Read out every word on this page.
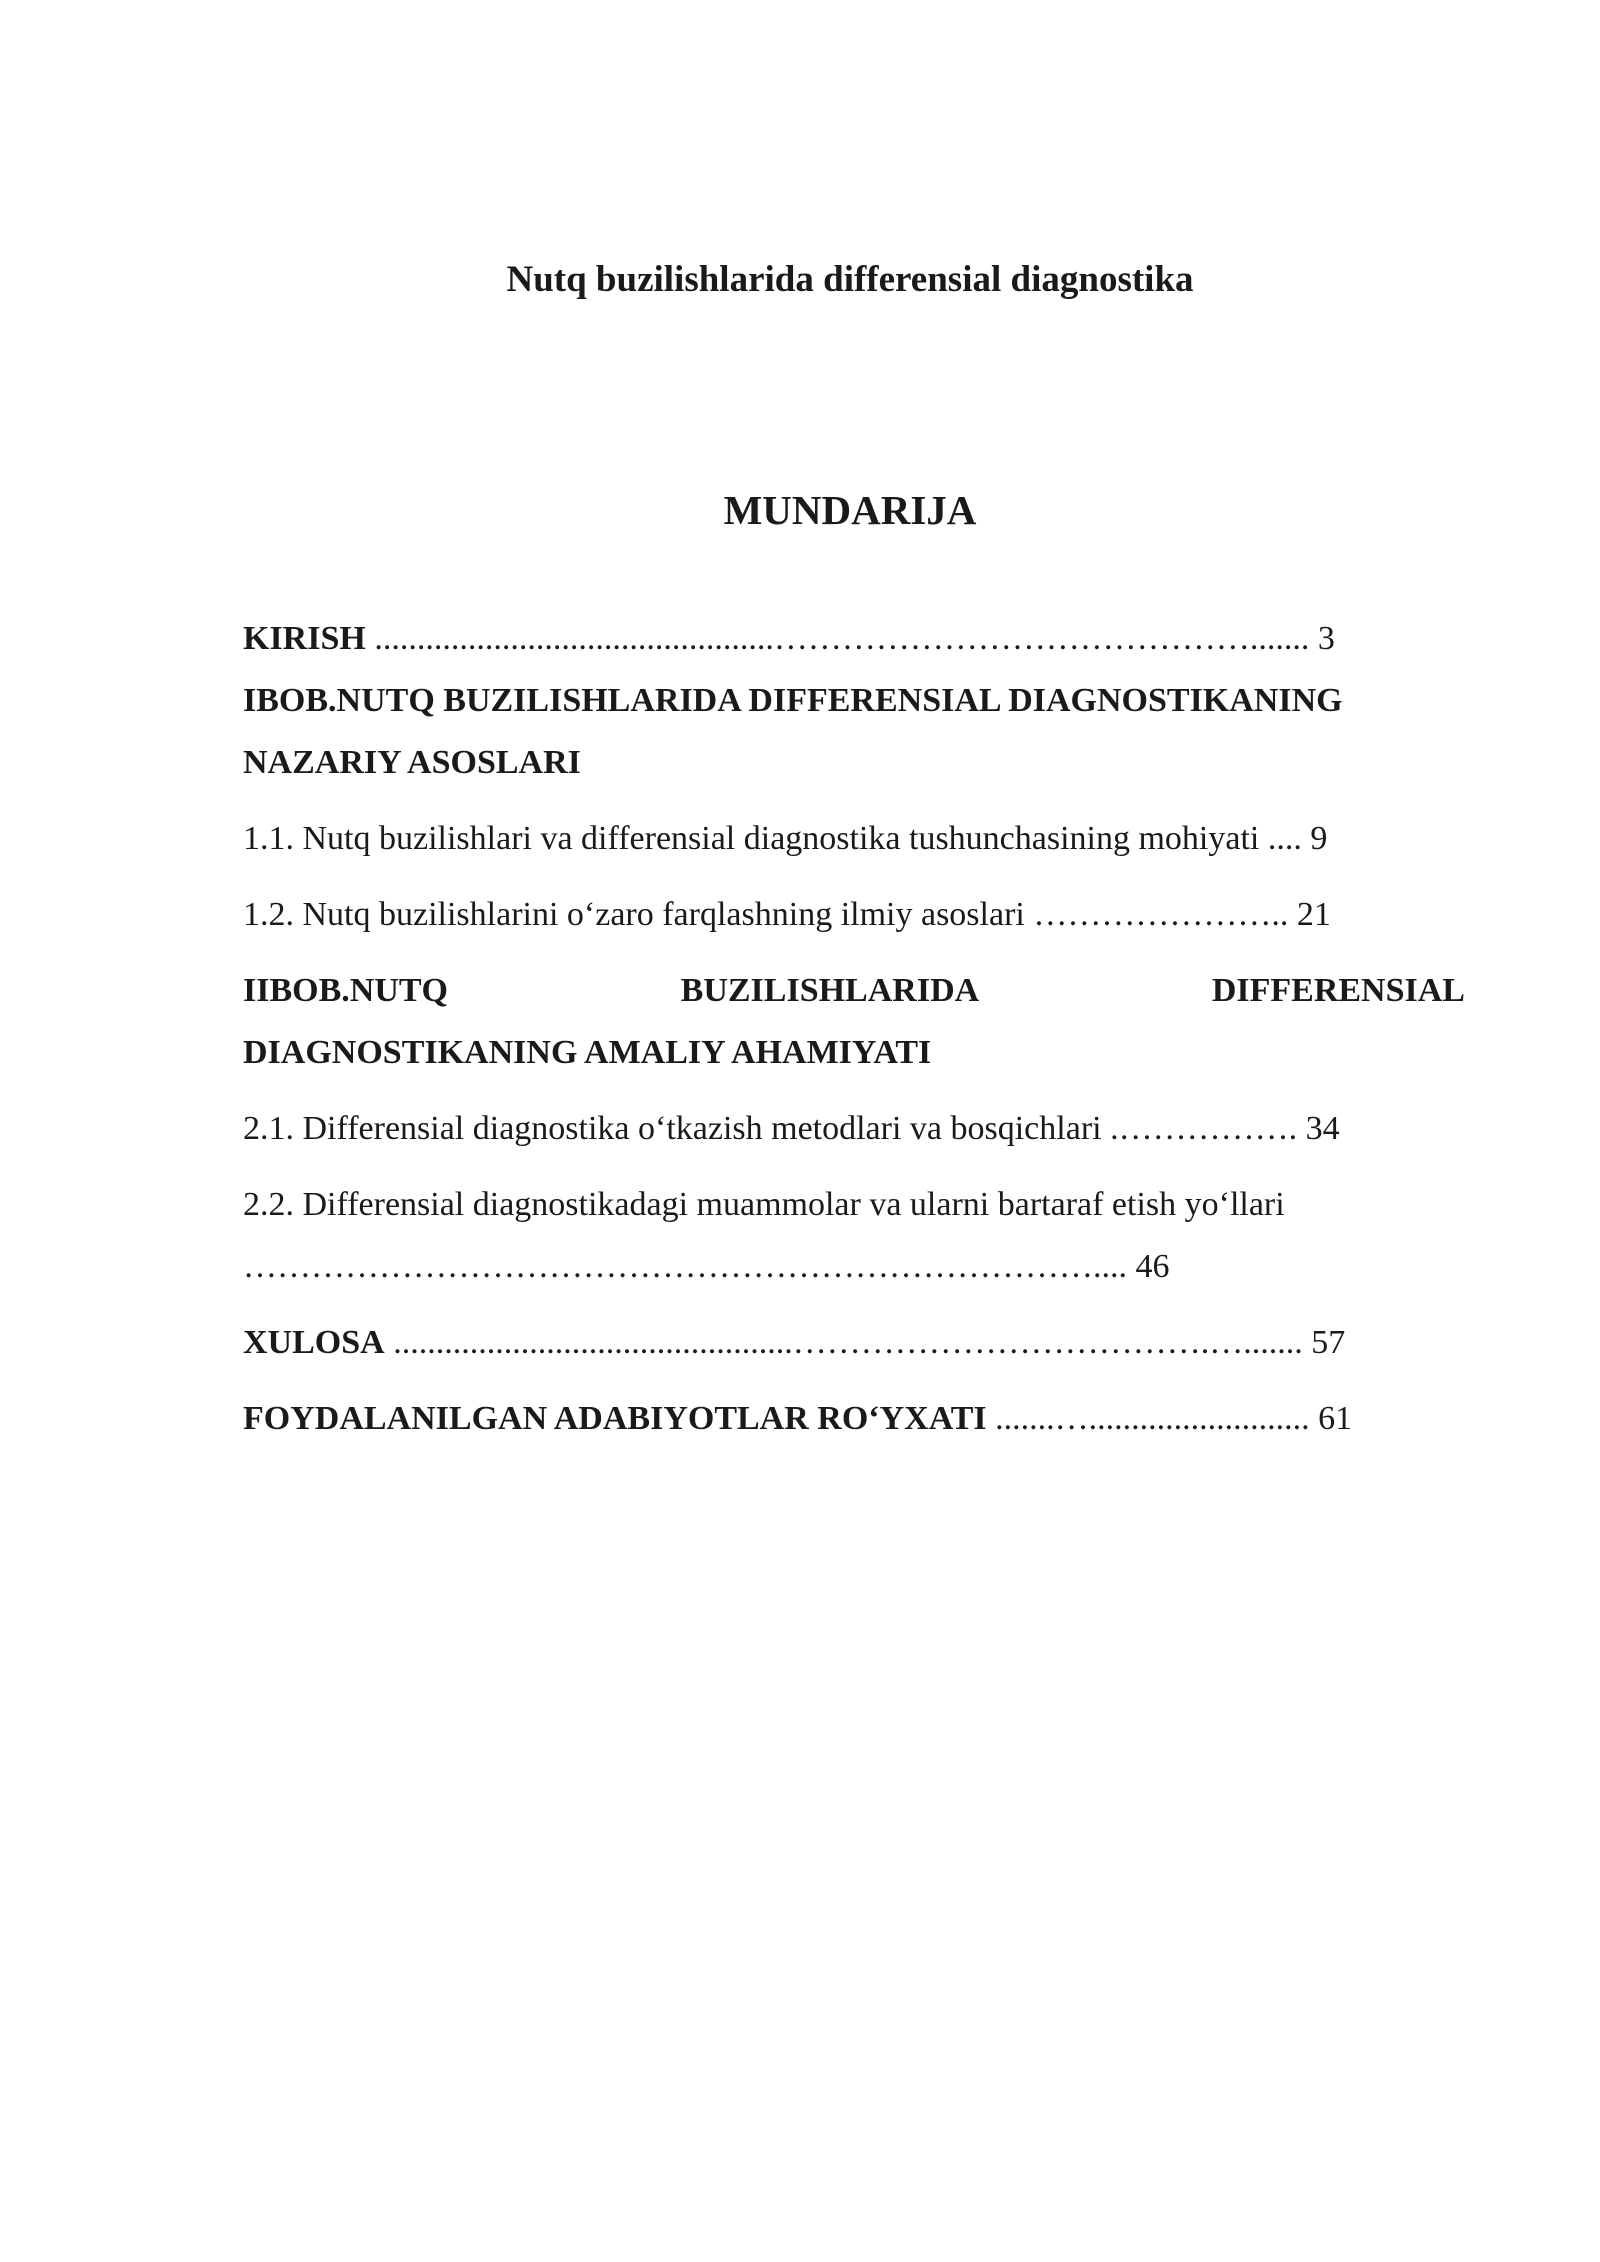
Nutq buzilishlarida differensial diagnostika
MUNDARIJA
KIRISH ...............................................……………………………………....... 3
IBOB.NUTQ BUZILISHLARIDA DIFFERENSIAL DIAGNOSTIKANING
NAZARIY ASOSLARI
1.1. Nutq buzilishlari va differensial diagnostika tushunchasining mohiyati .... 9
1.2. Nutq buzilishlarini o‘zaro farqlashning ilmiy asoslari ………………….. 21
IIBOB.NUTQ	BUZILISHLARIDA	DIFFERENSIAL
DIAGNOSTIKANING AMALIY AHAMIYATI
2.1. Differensial diagnostika o‘tkazish metodlari va bosqichlari .……………. 34
2.2. Differensial diagnostikadagi muammolar va ularni bartaraf etish yo‘llari
………………………………………………………………….... 46
XULOSA ...............................................……………………………….…....... 57
FOYDALANILGAN ADABIYOTLAR RO‘YXATI .......….......................... 61
